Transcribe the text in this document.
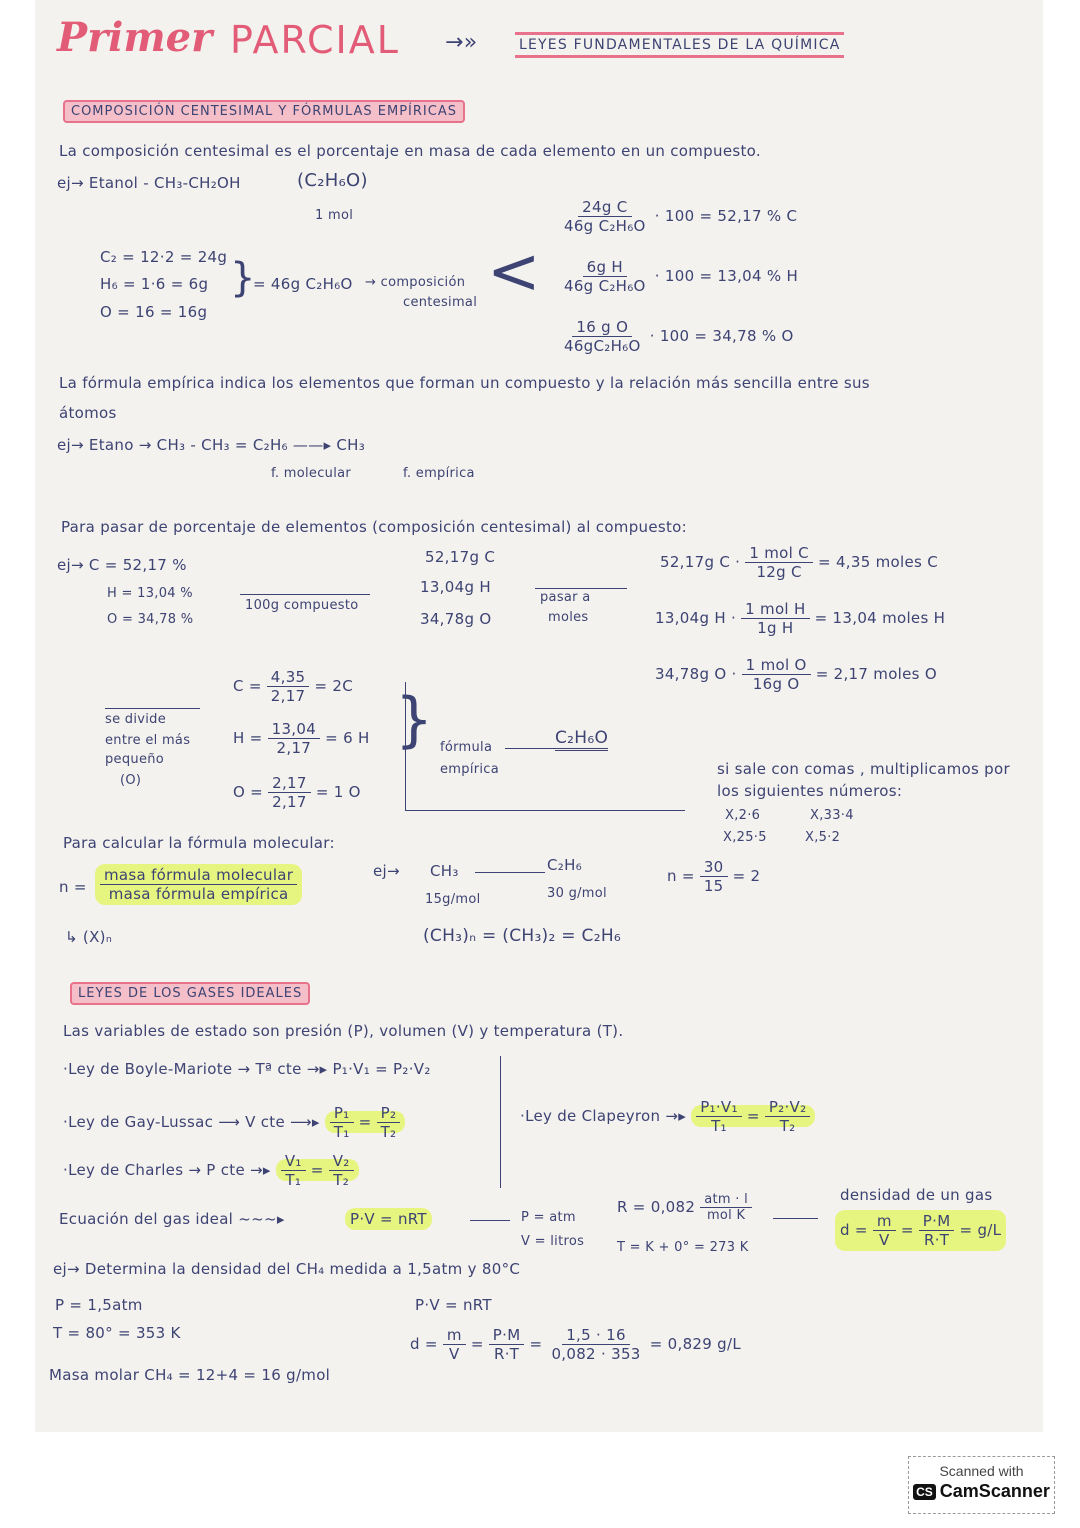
Primer PARCIAL →»	LEYES FUNDAMENTALES DE LA QUÍMICA
COMPOSICIÓN CENTESIMAL Y FÓRMULAS EMPÍRICAS
La composición centesimal es el porcentaje en masa de cada elemento en un compuesto.
ej→ Etanol - CH₃-CH₂OH	(C₂H₆O)
1 mol
C₂ = 12·2 = 24g
H₆ = 1·6 = 6g
O = 16 = 16g
}
= 46g C₂H₆O → composición
centesimal <
$\frac{\text{24g C}}{\text{46g C₂H₆O}} \cdot 100 = 52,17$ % C
$\frac{\text{6g H}}{\text{46g C₂H₆O}} \cdot 100 = 13,04$ % H
$\frac{\text{16 g O}}{\text{46gC₂H₆O}} \cdot 100 = 34,78$ % O
La fórmula empírica indica los elementos que forman un compuesto y la relación más sencilla entre sus
átomos
ej→ Etano → CH₃ - CH₃ = C₂H₆ ——▸ CH₃
f. molecular	f. empírica
Para pasar de porcentaje de elementos (composición centesimal) al compuesto:
ej→ C = 52,17 %
H = 13,04 %
O = 34,78 %
100g compuesto
52,17g C
13,04g H
34,78g O
pasar a
moles
52,17g $C \cdot \frac{\text{1 mol C}}{\text{12g C}} = 4,35$ moles C
13,04g $H \cdot \frac{\text{1 mol H}}{\text{1g H}} = 13,04$ moles H
34,78g $O \cdot \frac{\text{1 mol O}}{\text{16g O}} = 2,17$ moles O
se divide
entre el más
pequeño
(O)
$C = \frac{4,35}{2,17} = 2C$
$H = \frac{13,04}{2,17} = 6$ H
$O = \frac{2,17}{2,17} = 1$ O
} fórmula
empírica
C₂H₆O
si sale con comas , multiplicamos por
los siguientes números:
X,2·6	X,33·4
X,25·5	X,5·2
Para calcular la fórmula molecular:
$n = \frac{\text{masa fórmula molecular}}{\text{masa fórmula empírica}}$
↳ (X)ₙ
ej→ CH₃	C₂H₆
15g/mol	30 g/mol
$n = \frac{30}{15} = 2$
(CH₃)ₙ = (CH₃)₂ = C₂H₆
LEYES DE LOS GASES IDEALES
Las variables de estado son presión (P), volumen (V) y temperatura (T).
·Ley de Boyle-Mariote → Tª cte →▸ P₁·V₁ = P₂·V₂
·Ley de Gay-Lussac ⟶ V cte ⟶▸ $\frac{\text{P₁}}{\text{T₁}} = \frac{\text{P₂}}{\text{T₂}}$
·Ley de Charles → P cte →▸ $\frac{\text{V₁}}{\text{T₁}} = \frac{\text{V₂}}{\text{T₂}}$
·Ley de Clapeyron →▸ $\frac{\text{P₁·V₁}}{\text{T₁}} = \frac{\text{P₂·V₂}}{\text{T₂}}$
Ecuación del gas ideal ~~~▸	P·V = nRT	P = atm
V = litros
$R = 0,082 \frac{\text{atm · l}}{\text{mol K}}$
T = K + 0° = 273 K
densidad de un gas
$d = \frac{m}{V} = \frac{P\cdot M}{R\cdot T} = g/L$
ej→ Determina la densidad del CH₄ medida a 1,5atm y 80°C
P = 1,5atm
T = 80° = 353 K
Masa molar CH₄ = 12+4 = 16 g/mol
P·V = nRT
$d = \frac{m}{V} = \frac{P\cdot M}{R\cdot T} = \frac{1,5 \cdot 16}{0,082 \cdot 353} = 0,829$ g/L
Scanned with
CS CamScanner
